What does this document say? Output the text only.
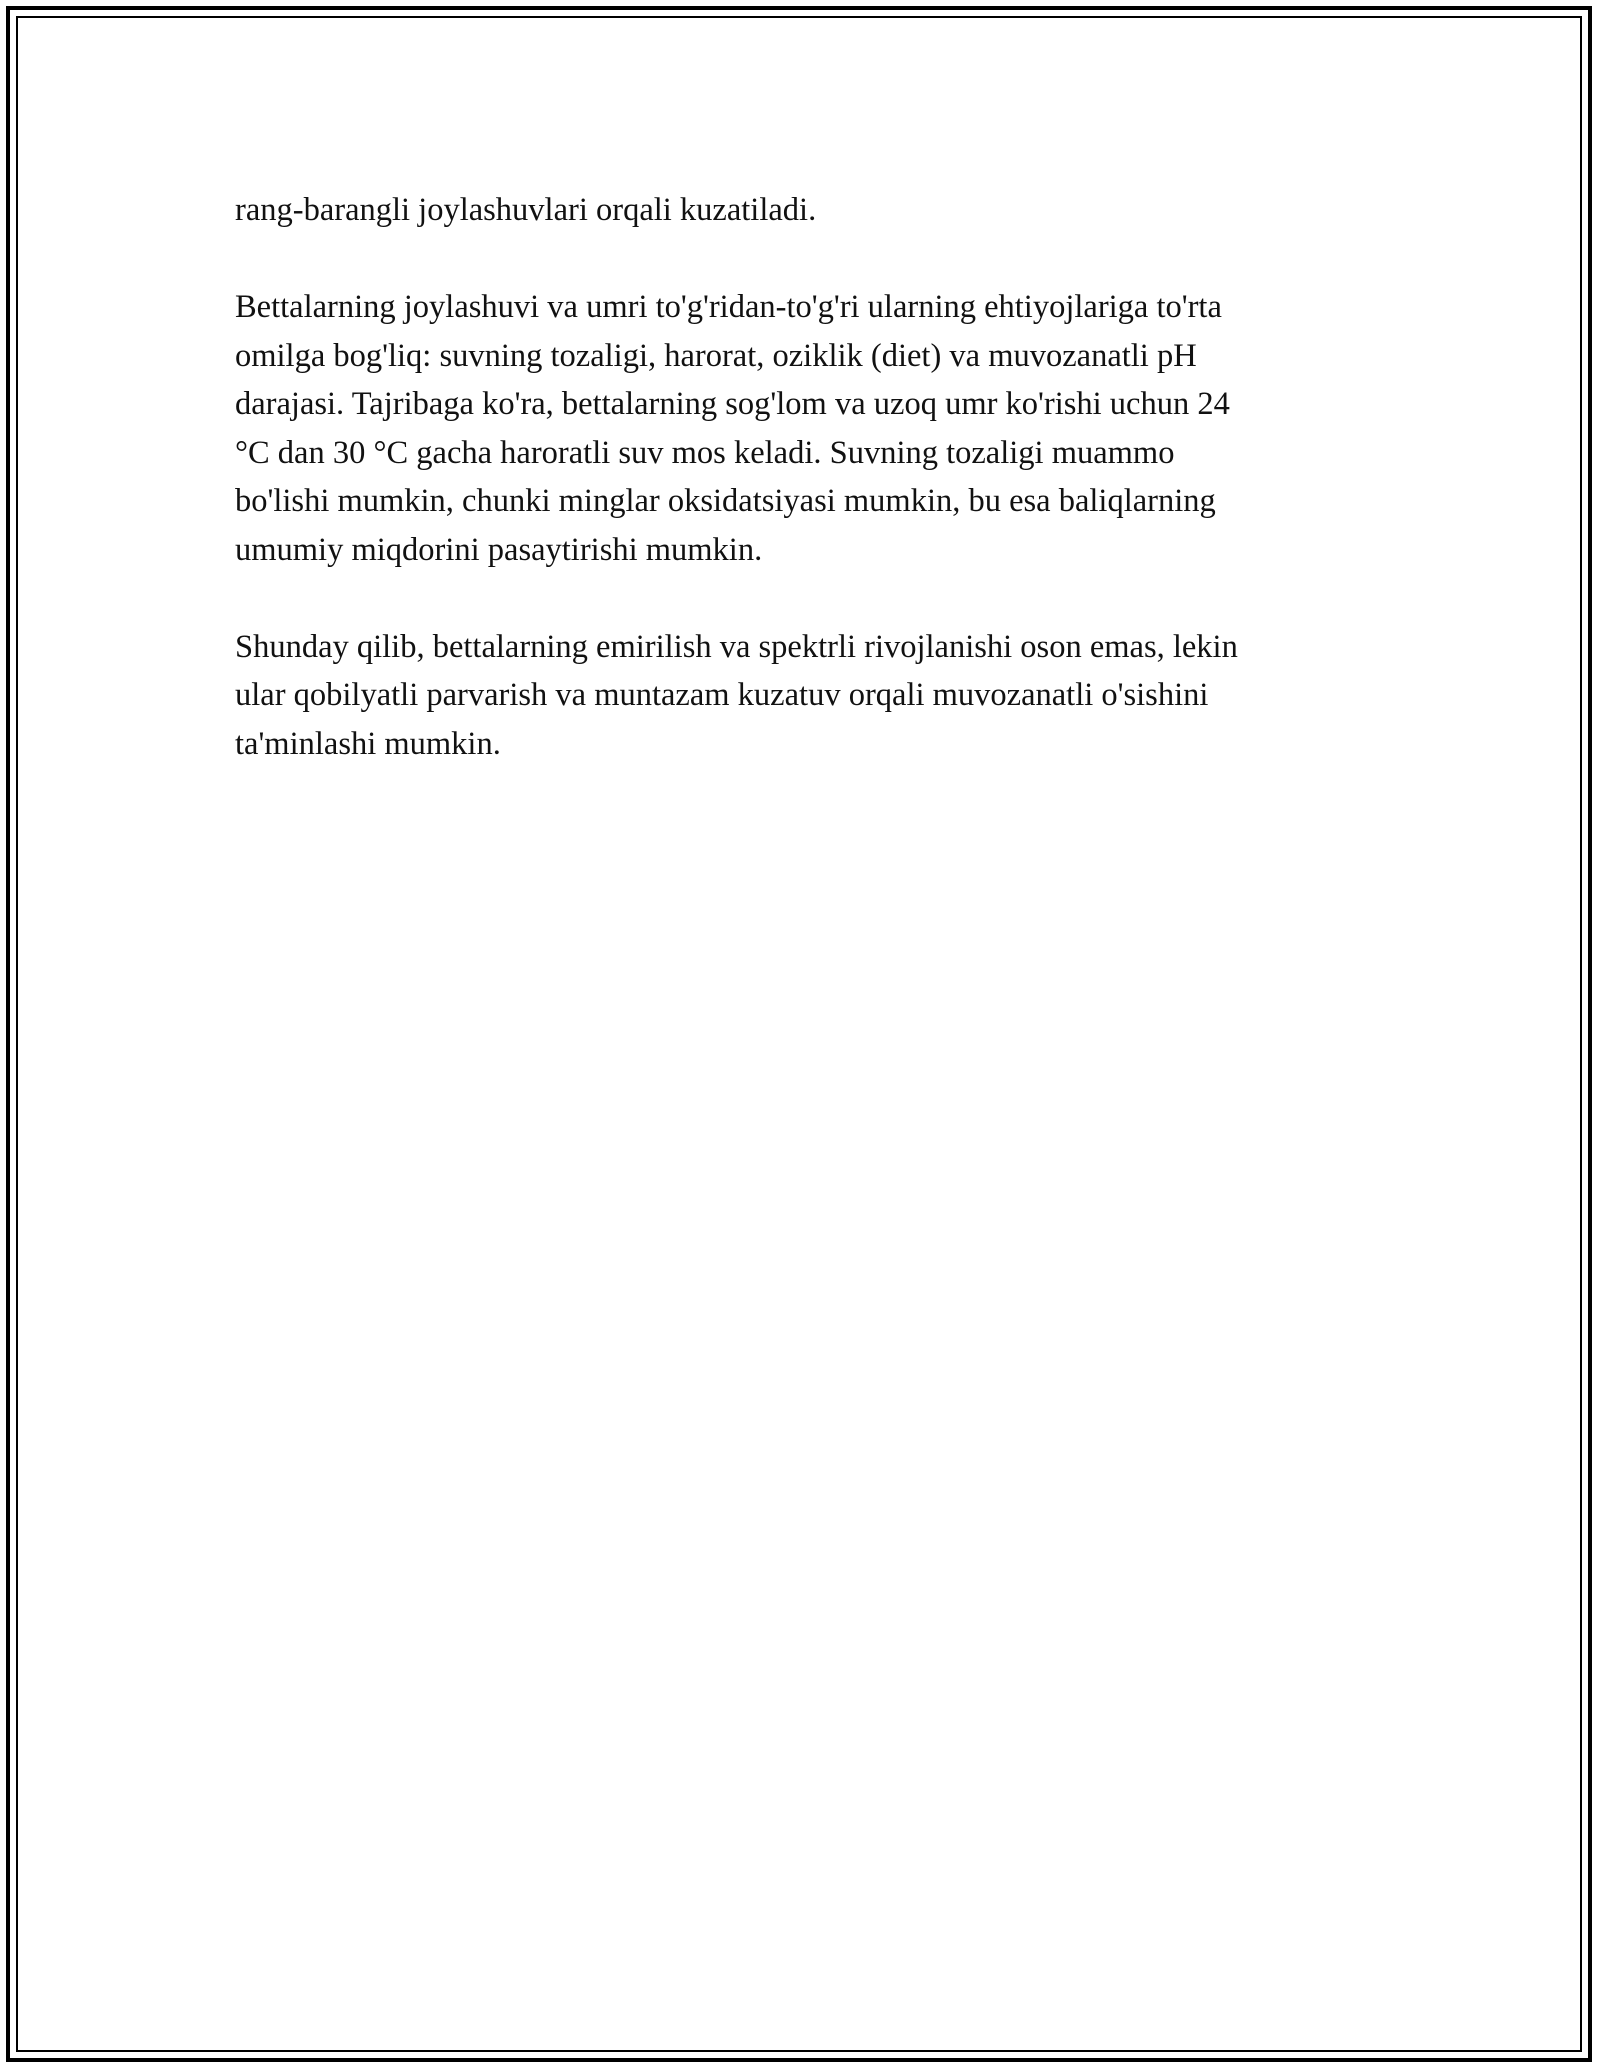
rang-barangli joylashuvlari orqali kuzatiladi.

Bettalarning joylashuvi va umri to'g'ridan-to'g'ri ularning ehtiyojlariga to'rta
omilga bog'liq: suvning tozaligi, harorat, oziklik (diet) va muvozanatli pH
darajasi. Tajribaga ko'ra, bettalarning sog'lom va uzoq umr ko'rishi uchun 24
°C dan 30 °C gacha haroratli suv mos keladi. Suvning tozaligi muammo
bo'lishi mumkin, chunki minglar oksidatsiyasi mumkin, bu esa baliqlarning
umumiy miqdorini pasaytirishi mumkin.

Shunday qilib, bettalarning emirilish va spektrli rivojlanishi oson emas, lekin
ular qobilyatli parvarish va muntazam kuzatuv orqali muvozanatli o'sishini
ta'minlashi mumkin.
